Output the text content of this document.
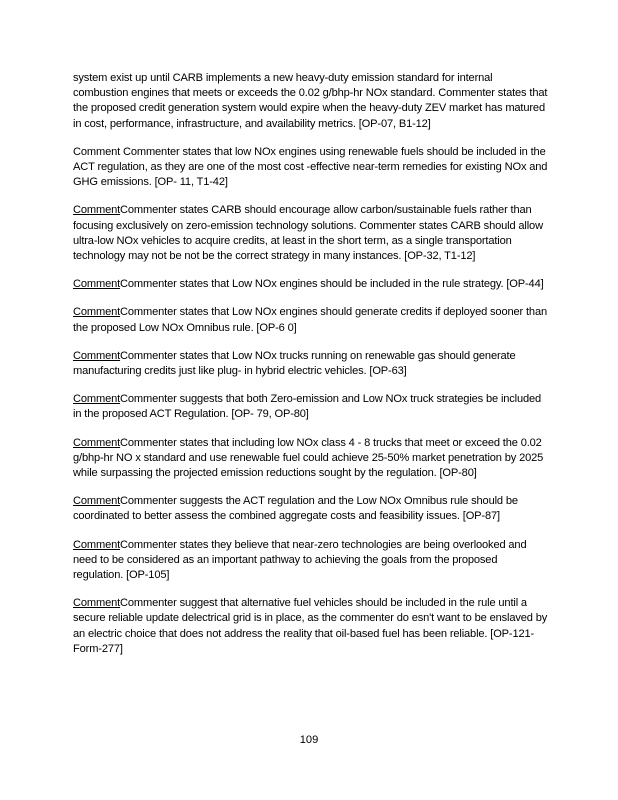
system exist up until CARB implements a new heavy-duty emission standard for internal combustion engines that meets or exceeds the 0.02 g/bhp-hr NOx standard. Commenter states that the proposed credit generation system would expire when the heavy-duty ZEV market has matured in cost, performance, infrastructure, and availability metrics. [OP-07, B1-12]

Comment Commenter states that low NOx engines using renewable fuels should be included in the ACT regulation, as they are one of the most cost -effective near-term remedies for existing NOx and GHG emissions. [OP- 11, T1-42]

CommentCommenter states CARB should encourage allow carbon/sustainable fuels rather than focusing exclusively on zero-emission technology solutions. Commenter states CARB should allow ultra-low NOx vehicles to acquire credits, at least in the short term, as a single transportation technology may not be not be the correct strategy in many instances. [OP-32, T1-12]

CommentCommenter states that Low NOx engines should be included in the rule strategy. [OP-44]

CommentCommenter states that Low NOx engines should generate credits if deployed sooner than the proposed Low NOx Omnibus rule. [OP-6 0]

CommentCommenter states that Low NOx trucks running on renewable gas should generate manufacturing credits just like plug- in hybrid electric vehicles. [OP-63]

CommentCommenter suggests that both Zero-emission and Low NOx truck strategies be included in the proposed ACT Regulation. [OP- 79, OP-80]

CommentCommenter states that including low NOx class 4 - 8 trucks that meet or exceed the 0.02 g/bhp-hr NO x standard and use renewable fuel could achieve 25-50% market penetration by 2025 while surpassing the projected emission reductions sought by the regulation. [OP-80]

CommentCommenter suggests the ACT regulation and the Low NOx Omnibus rule should be coordinated to better assess the combined aggregate costs and feasibility issues. [OP-87]

CommentCommenter states they believe that near-zero technologies are being overlooked and need to be considered as an important pathway to achieving the goals from the proposed regulation. [OP-105]

CommentCommenter suggest that alternative fuel vehicles should be included in the rule until a secure reliable update delectrical grid is in place, as the commenter do esn't want to be enslaved by an electric choice that does not address the reality that oil-based fuel has been reliable. [OP-121-Form-277]

109
